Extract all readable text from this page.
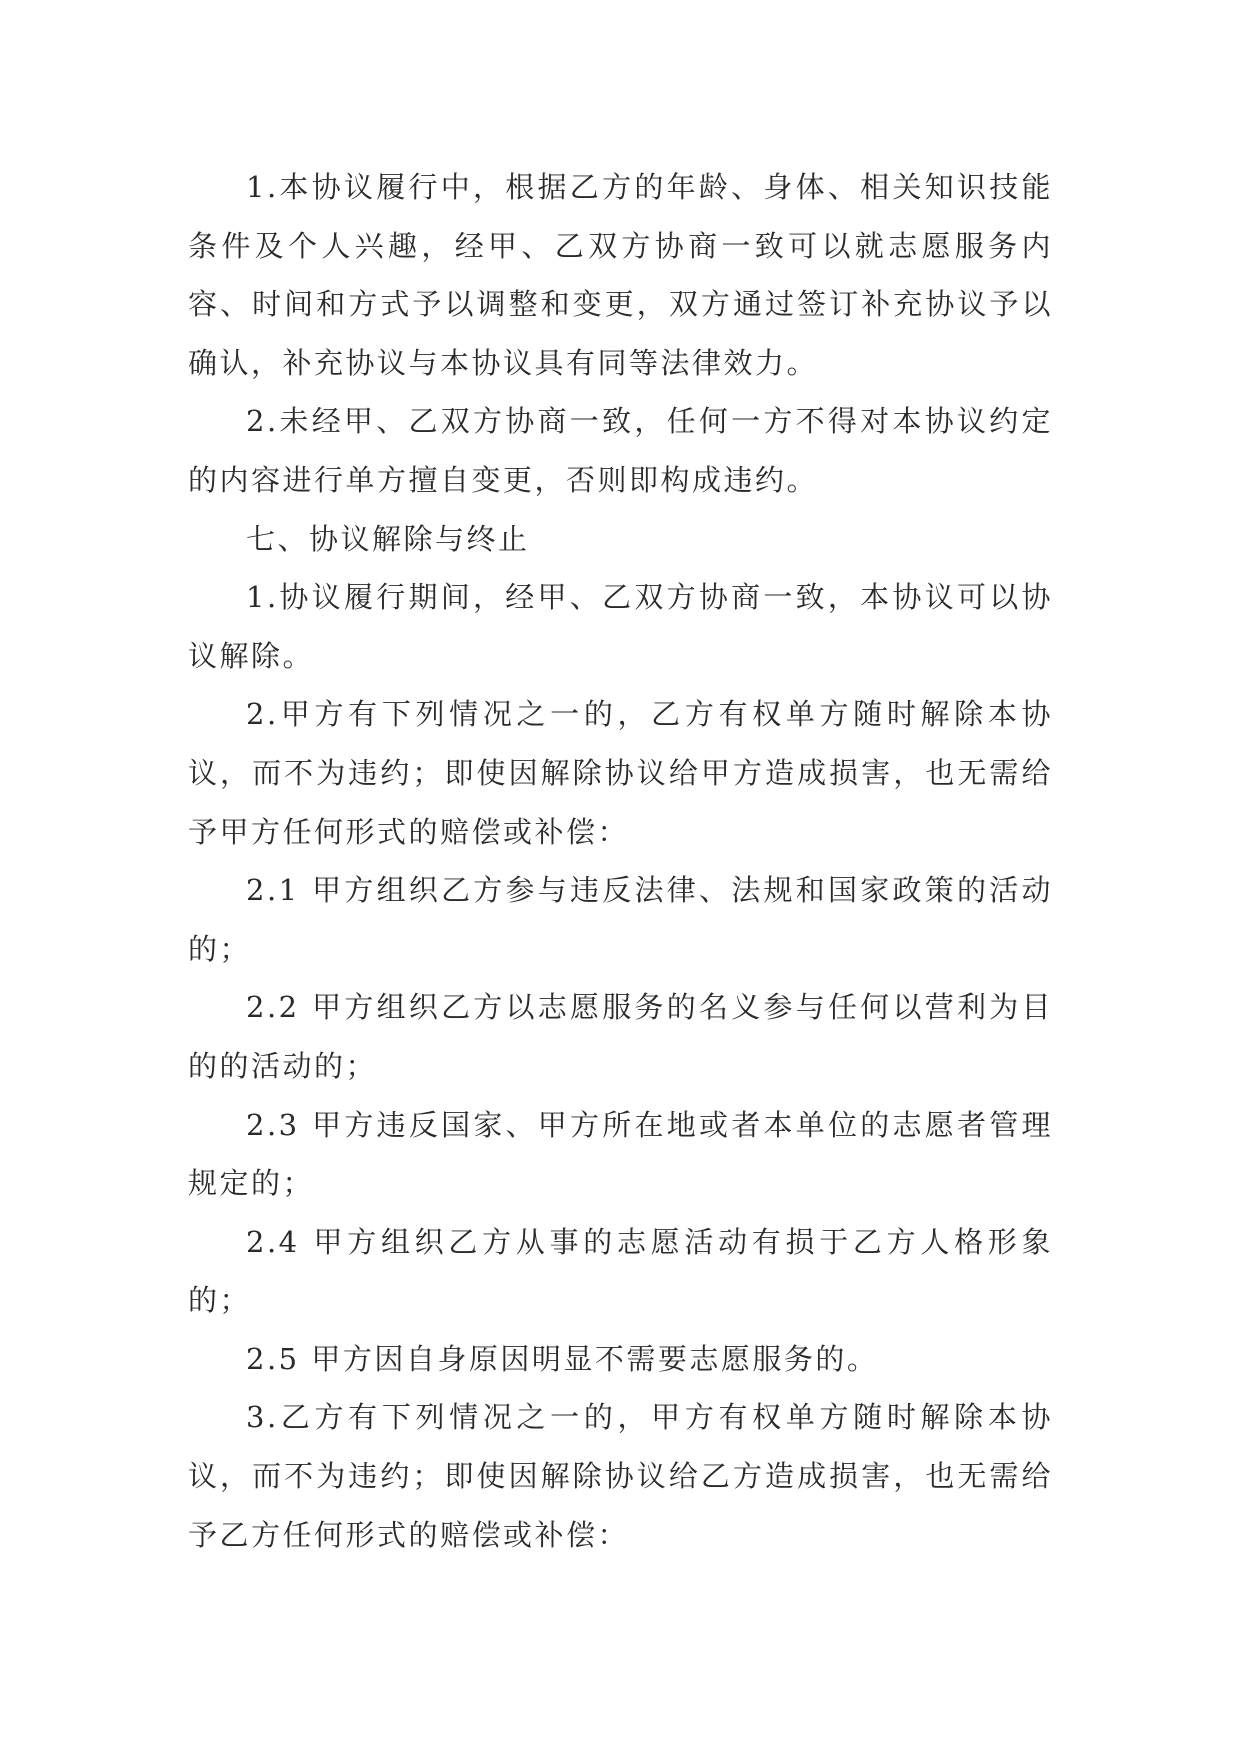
1.本协议履行中，根据乙方的年龄、身体、相关知识技能条件及个人兴趣，经甲、乙双方协商一致可以就志愿服务内容、时间和方式予以调整和变更，双方通过签订补充协议予以确认，补充协议与本协议具有同等法律效力。

2.未经甲、乙双方协商一致，任何一方不得对本协议约定的内容进行单方擅自变更，否则即构成违约。

七、协议解除与终止

1.协议履行期间，经甲、乙双方协商一致，本协议可以协议解除。

2.甲方有下列情况之一的，乙方有权单方随时解除本协议，而不为违约；即使因解除协议给甲方造成损害，也无需给予甲方任何形式的赔偿或补偿：

2.1 甲方组织乙方参与违反法律、法规和国家政策的活动的；

2.2 甲方组织乙方以志愿服务的名义参与任何以营利为目的的活动的；

2.3 甲方违反国家、甲方所在地或者本单位的志愿者管理规定的；

2.4 甲方组织乙方从事的志愿活动有损于乙方人格形象的；

2.5 甲方因自身原因明显不需要志愿服务的。

3.乙方有下列情况之一的，甲方有权单方随时解除本协议，而不为违约；即使因解除协议给乙方造成损害，也无需给予乙方任何形式的赔偿或补偿：
